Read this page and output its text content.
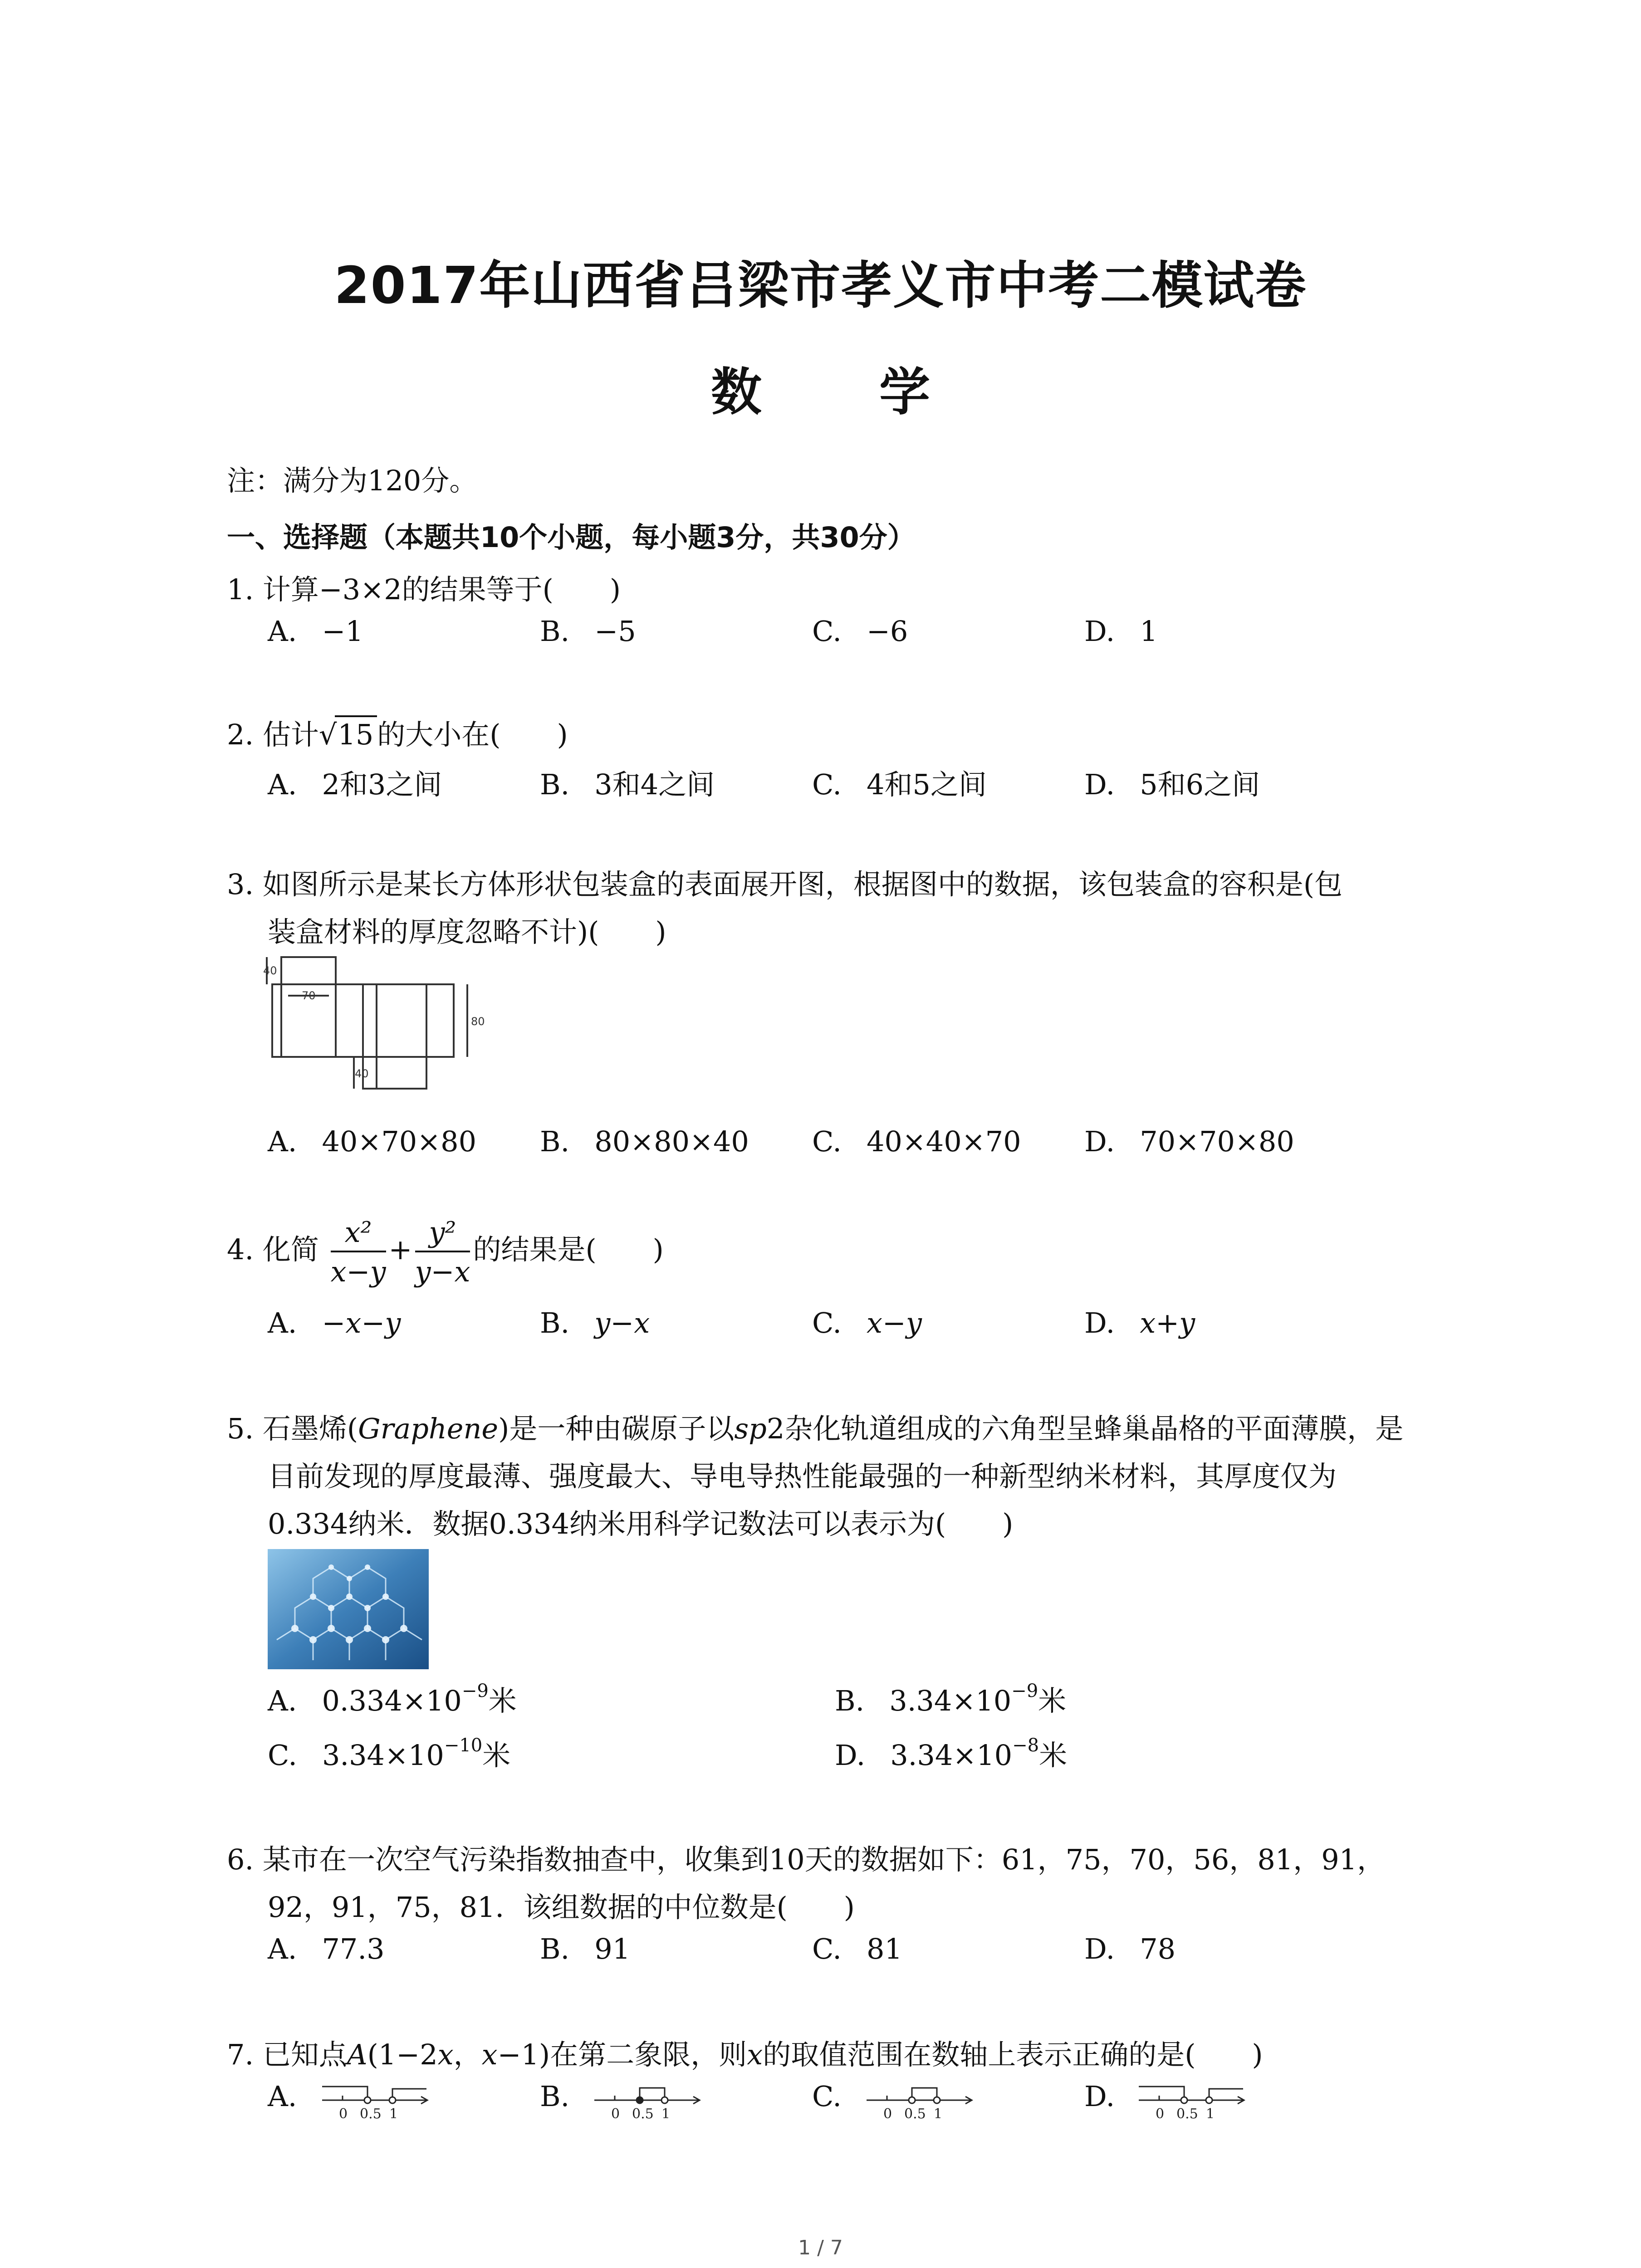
2017年山西省吕梁市孝义市中考二模试卷
数 学
注：满分为120分。
一、选择题（本题共10个小题，每小题3分，共30分）
1. 计算−3×2的结果等于(　　)
A. −1	B. −5	C. −6	D. 1
2. 估计√15 的大小在(　　)
A. 2和3之间	B. 3和4之间	C. 4和5之间	D. 5和6之间
3. 如图所示是某长方体形状包装盒的表面展开图，根据图中的数据，该包装盒的容积是(包
装盒材料的厚度忽略不计)(　　)
40
70
80
40
A. 40×70×80 B. 80×80×40 C. 40×40×70 D. 70×70×80
4. 化简 $\frac{\text{x²}}{x-y} + \frac{\text{y²}}{y-x}$ 的结果是(　　)
A. −x−y	B. y−x	C. x−y	D. x+y
5. 石墨烯(Graphene)是一种由碳原子以sp2杂化轨道组成的六角型呈蜂巢晶格的平面薄膜，是
目前发现的厚度最薄、强度最大、导电导热性能最强的一种新型纳米材料，其厚度仅为
0.334纳米．数据0.334纳米用科学记数法可以表示为(　　)
A. $0.334\times 10^{-9}$米	B. $3.34\times 10^{-9}$米
C. $3.34\times 10^{-10}$米	D. $3.34\times 10^{-8}$米
6. 某市在一次空气污染指数抽查中，收集到10天的数据如下：61，75，70，56，81，91，
92，91，75，81．该组数据的中位数是(　　)
A. 77.3	B. 91	C. 81	D. 78
7. 已知点A(1−2x，x−1)在第二象限，则x的取值范围在数轴上表示正确的是(　　)
A.
0 0.5 1
B.
0 0.5 1
C.
0 0.5 1
D.
0 0.5 1
1 / 7
